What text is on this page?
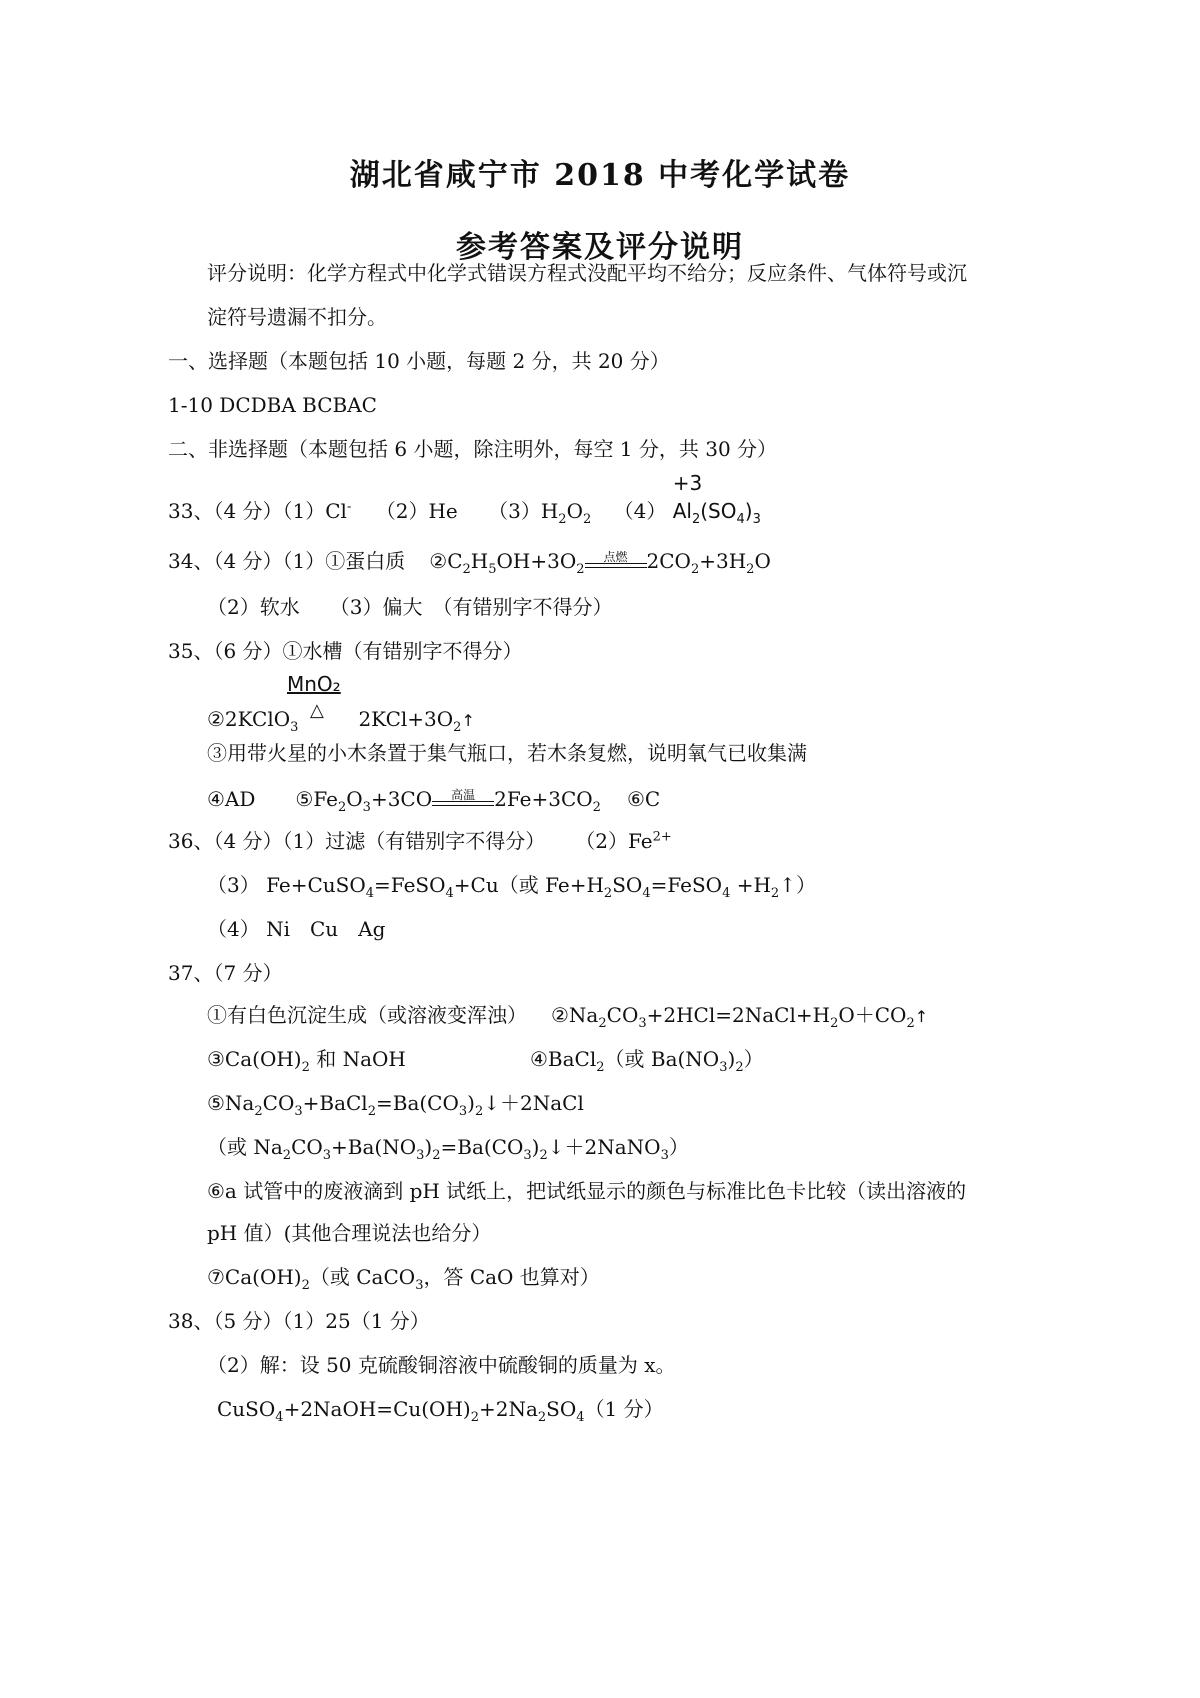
湖北省咸宁市 2018 中考化学试卷
参考答案及评分说明
评分说明：化学方程式中化学式错误方程式没配平均不给分；反应条件、气体符号或沉
淀符号遗漏不扣分。
一、选择题（本题包括 10 小题，每题 2 分，共 20 分）
1-10 DCDBA BCBAC
二、非选择题（本题包括 6 小题，除注明外，每空 1 分，共 30 分）
33、（4 分）（1）Cl- （2）He $(3)H_2O_2$ （4）
+3
$Al_2(SO_4)_3$
34、（4 分）（1）①蛋白质 $②C_2H_5OH+3O_2$
点燃 $2CO_2+3H_2O$
（2）软水　　（3）偏大　（有错别字不得分）
35、（6 分）①水槽（有错别字不得分）
MnO₂
△
②2KClO$_3$	$2KCl+3O_2↑$
③用带火星的小木条置于集气瓶口，若木条复燃，说明氧气已收集满
④AD $⑤Fe_2O_3+3CO$	高温 $2Fe+3CO_2$ ⑥C
36、（4 分）（1）过滤（有错别字不得分） $(2)Fe^{2+}$
（3） Fe+CuSO$_4$=FeSO$_4$+Cu（或 $Fe+H_2SO_4=FeSO_4$ $+H_2↑$）
（4） Ni　Cu　Ag
37、（7 分）
①有白色沉淀生成（或溶液变浑浊） $②Na_2CO_3+2HCl=2NaCl+H_2O+CO_2↑$
$③Ca(OH)_2$ 和 NaOH	④BaCl$_2$（或 $Ba(NO_3)_2$）
$⑤Na_2CO_3+BaCl_2=Ba(CO_3)_2↓+2NaCl$
（或 $Na_2CO_3+Ba(NO_3)_2=Ba(CO_3)_2↓+2NaNO_3$）
⑥a 试管中的废液滴到 pH 试纸上，把试纸显示的颜色与标准比色卡比较（读出溶液的
pH 值）(其他合理说法也给分）
$⑦Ca(OH)_2$（或 CaCO$_3$，答 CaO 也算对）
38、（5 分）（1）25（1 分）
（2）解：设 50 克硫酸铜溶液中硫酸铜的质量为 x。
$CuSO_4+2NaOH=Cu(OH)_2+2Na_2SO_4(1$ 分）
